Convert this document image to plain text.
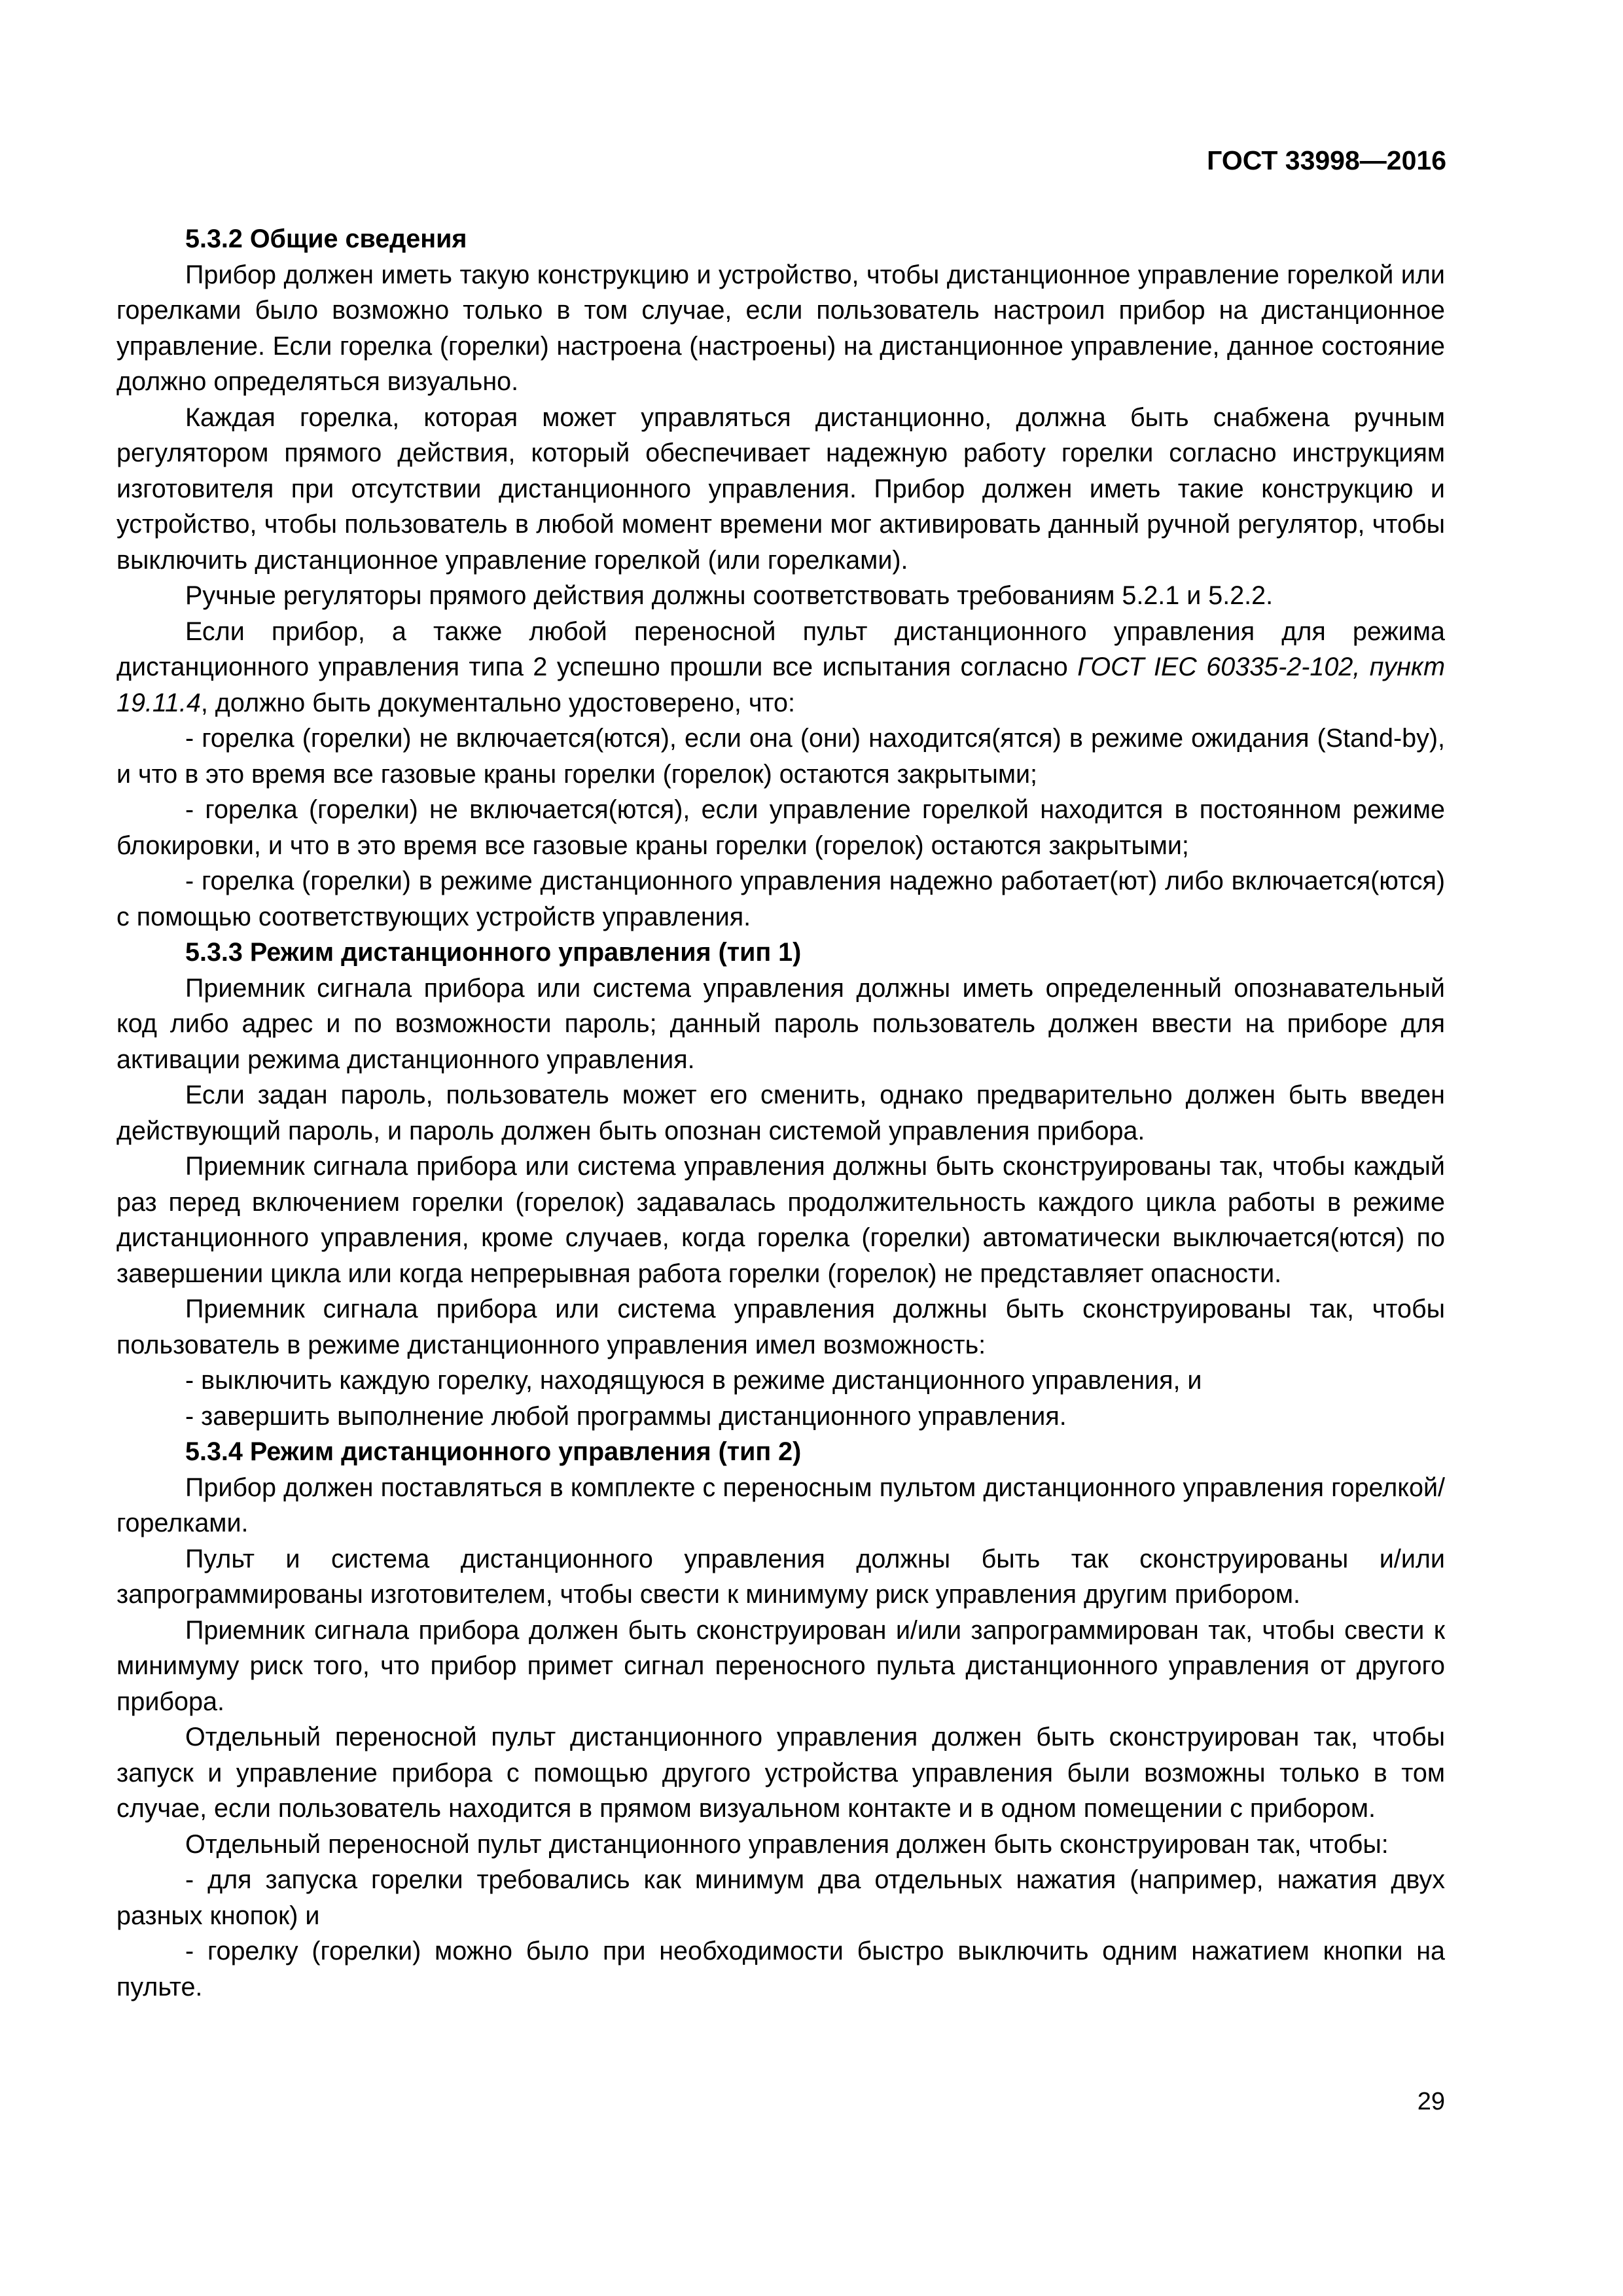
ГОСТ 33998—2016
5.3.2 Общие сведения

Прибор должен иметь такую конструкцию и устройство, чтобы дистанционное управление горелкой или горелками было возможно только в том случае, если пользователь настроил прибор на дистанционное управление. Если горелка (горелки) настроена (настроены) на дистанционное управление, данное состояние должно определяться визуально.

Каждая горелка, которая может управляться дистанционно, должна быть снабжена ручным регулятором прямого действия, который обеспечивает надежную работу горелки согласно инструкциям изготовителя при отсутствии дистанционного управления. Прибор должен иметь такие конструкцию и устройство, чтобы пользователь в любой момент времени мог активировать данный ручной регулятор, чтобы выключить дистанционное управление горелкой (или горелками).

Ручные регуляторы прямого действия должны соответствовать требованиям 5.2.1 и 5.2.2.

Если прибор, а также любой переносной пульт дистанционного управления для режима дистанционного управления типа 2 успешно прошли все испытания согласно ГОСТ IEC 60335-2-102, пункт 19.11.4, должно быть документально удостоверено, что:

- горелка (горелки) не включается(ются), если она (они) находится(ятся) в режиме ожидания (Stand-by), и что в это время все газовые краны горелки (горелок) остаются закрытыми;

- горелка (горелки) не включается(ются), если управление горелкой находится в постоянном режиме блокировки, и что в это время все газовые краны горелки (горелок) остаются закрытыми;

- горелка (горелки) в режиме дистанционного управления надежно работает(ют) либо включается(ются) с помощью соответствующих устройств управления.

5.3.3 Режим дистанционного управления (тип 1)

Приемник сигнала прибора или система управления должны иметь определенный опознавательный код либо адрес и по возможности пароль; данный пароль пользователь должен ввести на приборе для активации режима дистанционного управления.

Если задан пароль, пользователь может его сменить, однако предварительно должен быть введен действующий пароль, и пароль должен быть опознан системой управления прибора.

Приемник сигнала прибора или система управления должны быть сконструированы так, чтобы каждый раз перед включением горелки (горелок) задавалась продолжительность каждого цикла работы в режиме дистанционного управления, кроме случаев, когда горелка (горелки) автоматически выключается(ются) по завершении цикла или когда непрерывная работа горелки (горелок) не представляет опасности.

Приемник сигнала прибора или система управления должны быть сконструированы так, чтобы пользователь в режиме дистанционного управления имел возможность:

- выключить каждую горелку, находящуюся в режиме дистанционного управления, и

- завершить выполнение любой программы дистанционного управления.

5.3.4 Режим дистанционного управления (тип 2)

Прибор должен поставляться в комплекте с переносным пультом дистанционного управления горелкой/горелками.

Пульт и система дистанционного управления должны быть так сконструированы и/или запрограммированы изготовителем, чтобы свести к минимуму риск управления другим прибором.

Приемник сигнала прибора должен быть сконструирован и/или запрограммирован так, чтобы свести к минимуму риск того, что прибор примет сигнал переносного пульта дистанционного управления от другого прибора.

Отдельный переносной пульт дистанционного управления должен быть сконструирован так, чтобы запуск и управление прибора с помощью другого устройства управления были возможны только в том случае, если пользователь находится в прямом визуальном контакте и в одном помещении с прибором.

Отдельный переносной пульт дистанционного управления должен быть сконструирован так, чтобы:

- для запуска горелки требовались как минимум два отдельных нажатия (например, нажатия двух разных кнопок) и

- горелку (горелки) можно было при необходимости быстро выключить одним нажатием кнопки на пульте.

29
